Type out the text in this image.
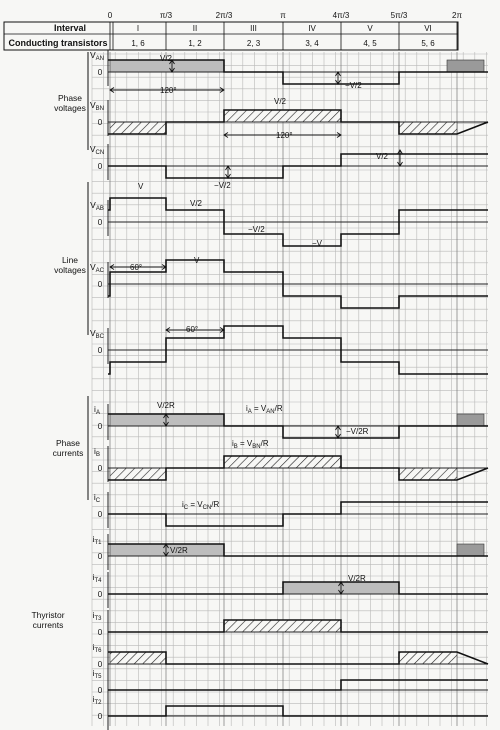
Interval
Conducting transistors
0	π/3	2π/3	π	4π/3	5π/3	2π
I	II	III	IV	V	VI
1, 6	1, 2	2, 3	3, 4	4, 5	5, 6
Phase
voltages
Line
voltages
Phase
currents
Thyristor
currents
$V_{AN}$
0
$V_{BN}$
0
$V_{CN}$
0
$V_{AB}$
0
$V_{AC}$
0
$V_{BC}$
0
$i_A$
0
$i_B$
0
$i_C$
0
$i_{T1}$
0
$i_{T4}$
0
$i_{T3}$
0
$i_{T6}$
0
$i_{T5}$
0
$i_{T2}$
0
V/2
−V/2
120°
V/2
120°
V/2
−V/2
V
V/2
−V/2
−V
60°
V
60°
V/2R	$i_A = V_{AN}/R$
−V/2R
$i_B = V_{BN}/R$
$i_C = V_{CN}/R$
V/2R
V/2R
